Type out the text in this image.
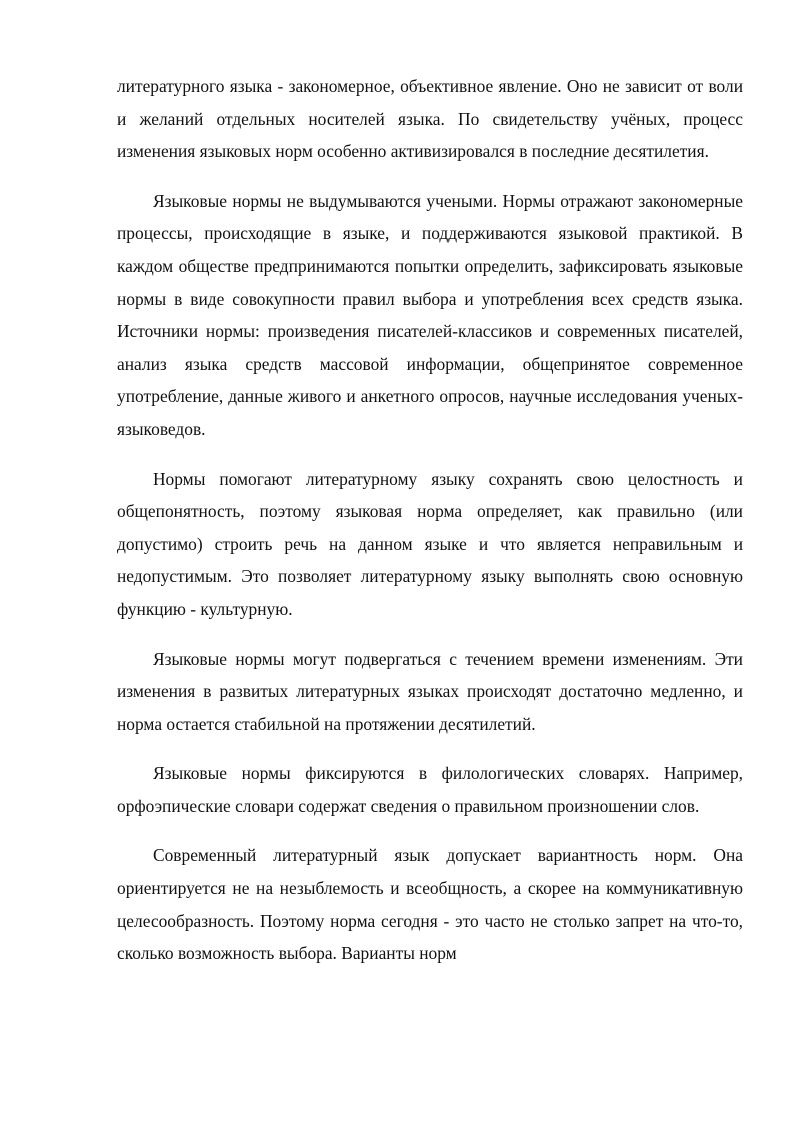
литературного языка - закономерное, объективное явление. Оно не зависит от воли и желаний отдельных носителей языка. По свидетельству учёных, процесс изменения языковых норм особенно активизировался в последние десятилетия.

Языковые нормы не выдумываются учеными. Нормы отражают закономерные процессы, происходящие в языке, и поддерживаются языковой практикой. В каждом обществе предпринимаются попытки определить, зафиксировать языковые нормы в виде совокупности правил выбора и употребления всех средств языка. Источники нормы: произведения писателей-классиков и современных писателей, анализ языка средств массовой информации, общепринятое современное употребление, данные живого и анкетного опросов, научные исследования ученых-языковедов.

Нормы помогают литературному языку сохранять свою целостность и общепонятность, поэтому языковая норма определяет, как правильно (или допустимо) строить речь на данном языке и что является неправильным и недопустимым. Это позволяет литературному языку выполнять свою основную функцию - культурную.

Языковые нормы могут подвергаться с течением времени изменениям. Эти изменения в развитых литературных языках происходят достаточно медленно, и норма остается стабильной на протяжении десятилетий.

Языковые нормы фиксируются в филологических словарях. Например, орфоэпические словари содержат сведения о правильном произношении слов.

Современный литературный язык допускает вариантность норм. Она ориентируется не на незыблемость и всеобщность, а скорее на коммуникативную целесообразность. Поэтому норма сегодня - это часто не столько запрет на что-то, сколько возможность выбора. Варианты норм
